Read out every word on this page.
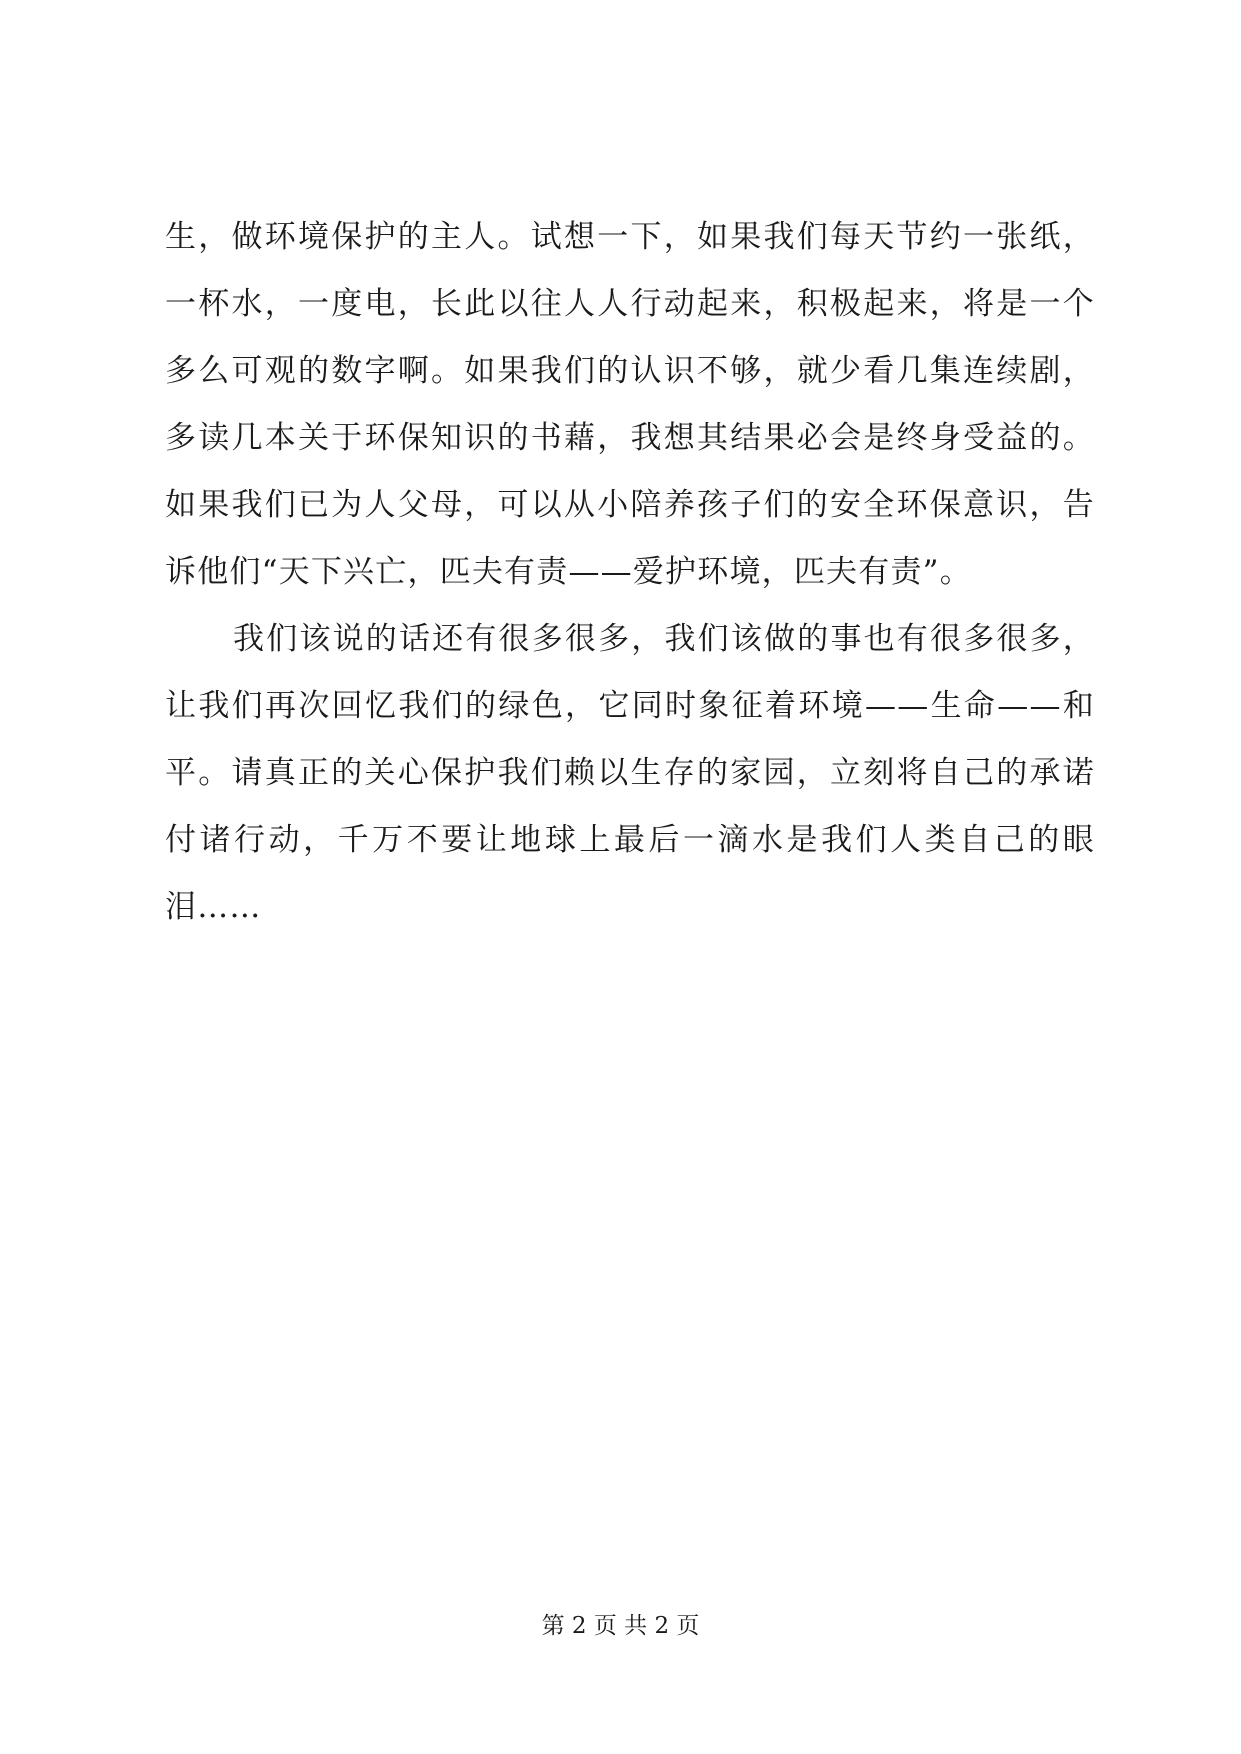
生，做环境保护的主人。试想一下，如果我们每天节约一张纸，
一杯水，一度电，长此以往人人行动起来，积极起来，将是一个
多么可观的数字啊。如果我们的认识不够，就少看几集连续剧，
多读几本关于环保知识的书藉，我想其结果必会是终身受益的。
如果我们已为人父母，可以从小陪养孩子们的安全环保意识，告
诉他们“天下兴亡，匹夫有责——爱护环境，匹夫有责”。
我们该说的话还有很多很多，我们该做的事也有很多很多，
让我们再次回忆我们的绿色，它同时象征着环境——生命——和
平。请真正的关心保护我们赖以生存的家园，立刻将自己的承诺
付诸行动，千万不要让地球上最后一滴水是我们人类自己的眼
泪……
第 2 页 共 2 页
